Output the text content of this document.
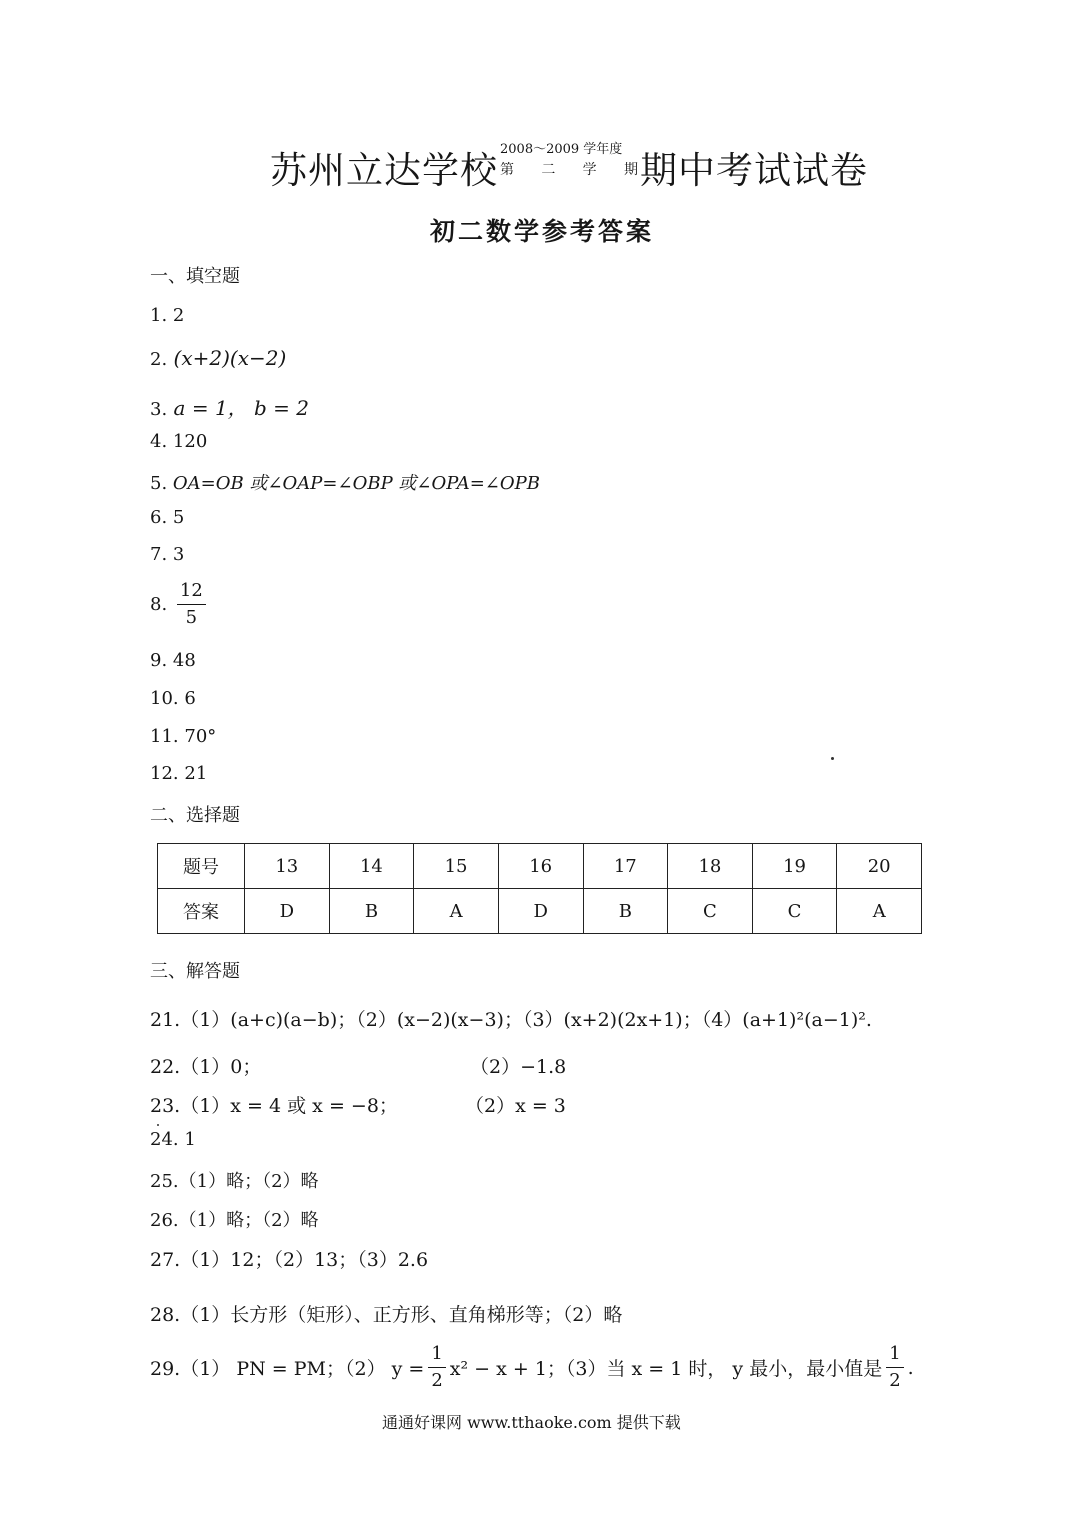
苏州立达学校 2008～2009 学年度
第 二 学 期 期中考试试卷
初二数学参考答案
一、填空题
1. 2
2. (x+2)(x−2)
3. a = 1， b = 2
4. 120
5. OA=OB 或∠OAP=∠OBP 或∠OPA=∠OPB
6. 5
7. 3
8. $\frac{12}{5}$
9. 48
10. 6
11. 70°
12. 21
二、选择题
题号	13	14	15	16	17	18	19	20
答案	D	B	A	D	B	C	C	A
三、解答题
21.（1）(a+c)(a−b)；（2）(x−2)(x−3)；（3）(x+2)(2x+1)；（4）(a+1)²(a−1)².
22.（1）0；	（2）−1.8
23.（1）x = 4 或 x = −8；	（2）x = 3
24. 1
25.（1）略；（2）略
26.（1）略；（2）略
27.（1）12；（2）13；（3）2.6
28.（1）长方形（矩形）、正方形、直角梯形等；（2）略
29.（1） PN = PM；（2） $y = \frac{1}{2} x^2 - x + 1$；（3）当 x = 1 时， y 最小，最小值是 $\frac{1}{2}$ .
通通好课网 www.tthaoke.com 提供下载
